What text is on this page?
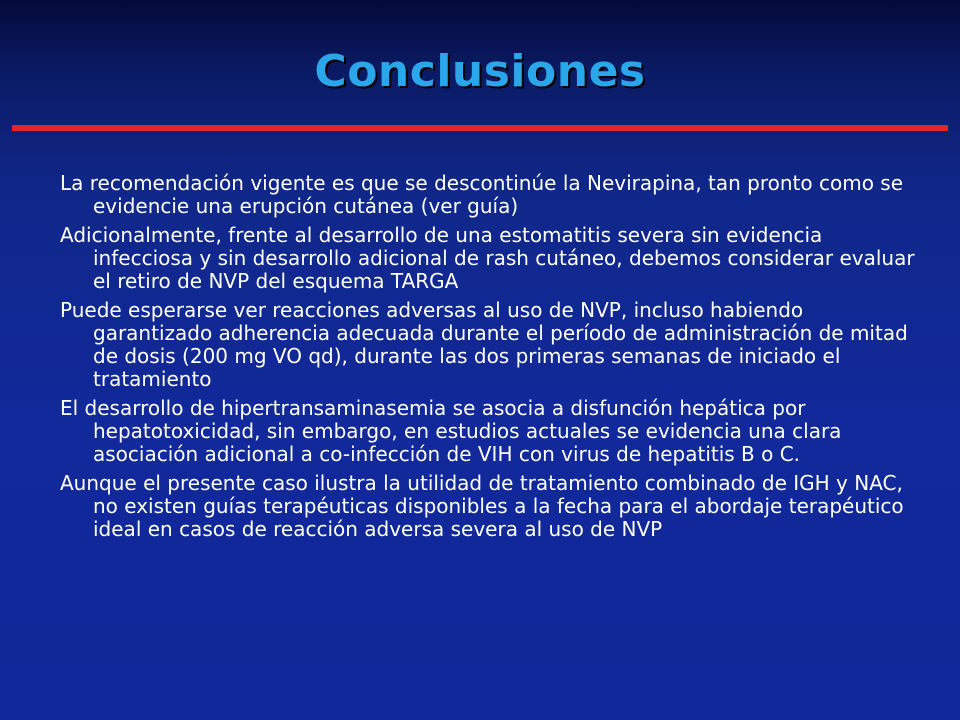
Conclusiones
La recomendación vigente es que se descontinúe la Nevirapina, tan pronto como se evidencie una erupción cutánea (ver guía)
Adicionalmente, frente al desarrollo de una estomatitis severa sin evidencia infecciosa y sin desarrollo adicional de rash cutáneo, debemos considerar evaluar el retiro de NVP del esquema TARGA
Puede esperarse ver reacciones adversas al uso de NVP, incluso habiendo garantizado adherencia adecuada durante el período de administración de mitad de dosis (200 mg VO qd), durante las dos primeras semanas de iniciado el tratamiento
El desarrollo de hipertransaminasemia se asocia a disfunción hepática por hepatotoxicidad, sin embargo, en estudios actuales se evidencia una clara asociación adicional a co-infección de VIH con virus de hepatitis B o C.
Aunque el presente caso ilustra la utilidad de tratamiento combinado de IGH y NAC, no existen guías terapéuticas disponibles a la fecha para el abordaje terapéutico ideal en casos de reacción adversa severa al uso de NVP
